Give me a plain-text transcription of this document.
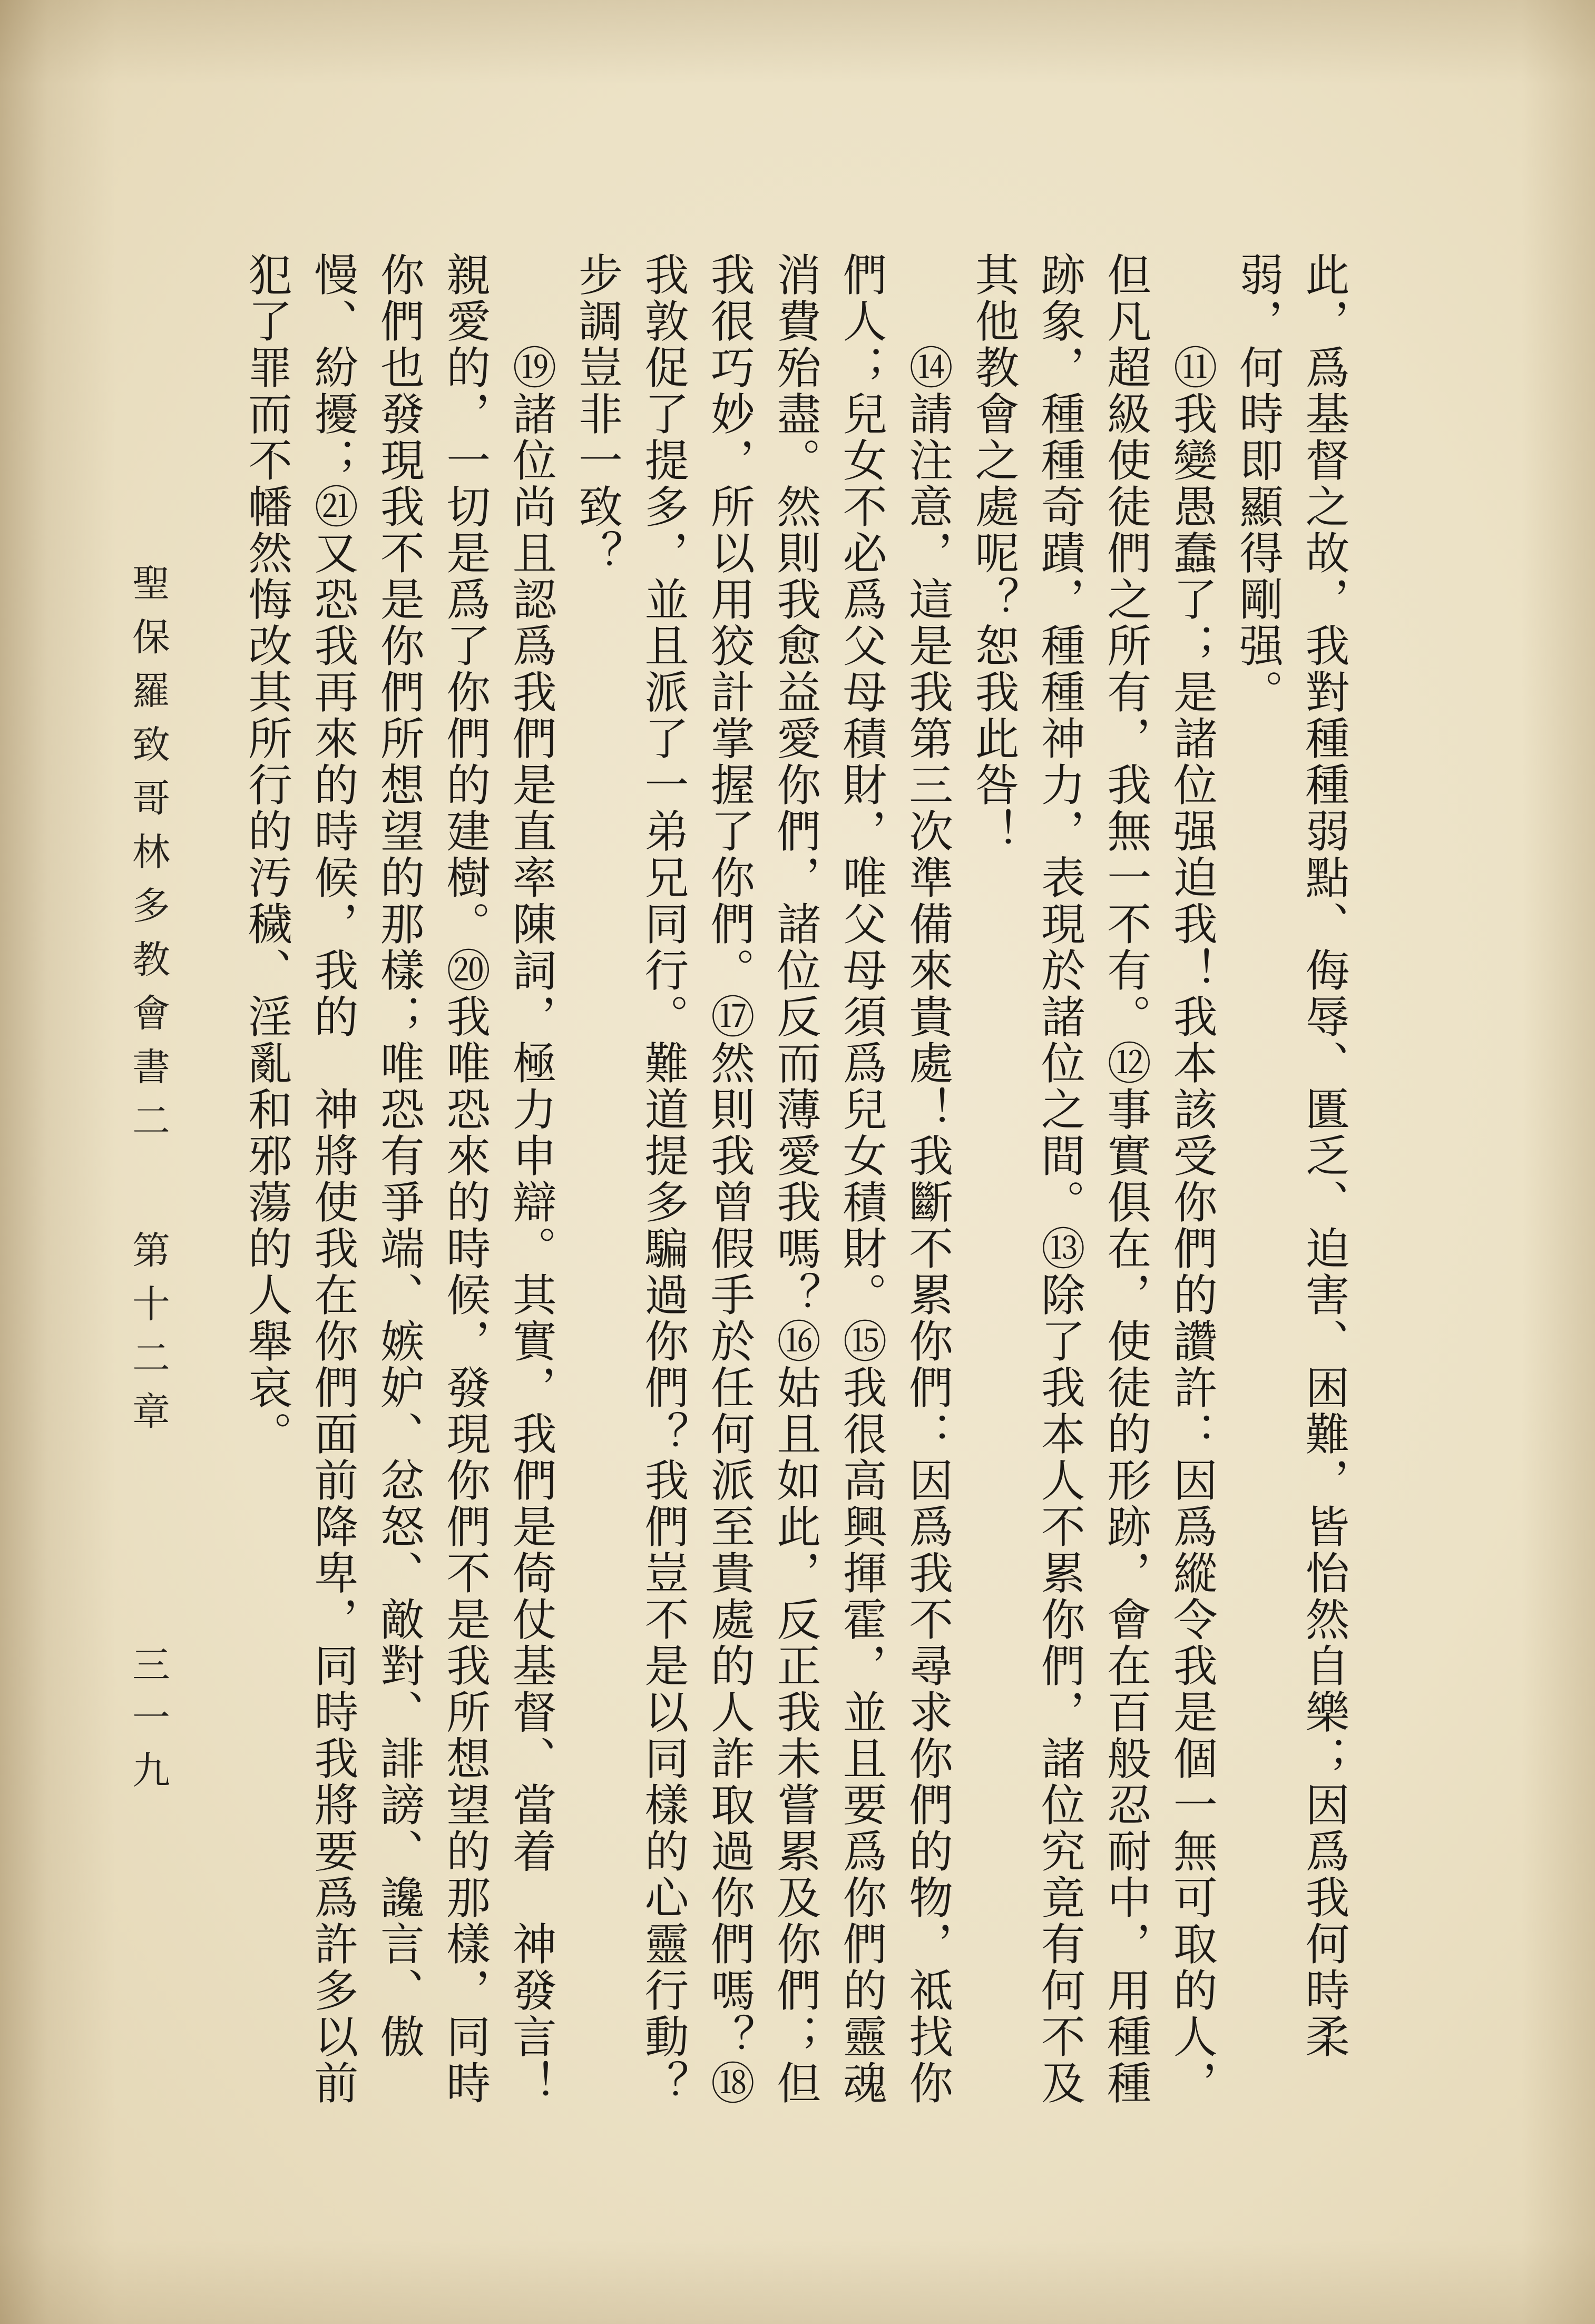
此，爲基督之故，我對種種弱點、侮辱、匱乏、迫害、困難，皆怡然自樂；因爲我何時柔
弱，何時即顯得剛强。
⑪我變愚蠢了；是諸位强迫我！我本該受你們的讚許：因爲縱令我是個一無可取的人，
但凡超級使徒們之所有，我無一不有。⑫事實俱在，使徒的形跡，會在百般忍耐中，用種種
跡象，種種奇蹟，種種神力，表現於諸位之間。⑬除了我本人不累你們，諸位究竟有何不及
其他教會之處呢？恕我此咎！
⑭請注意，這是我第三次準備來貴處！我斷不累你們：因爲我不尋求你們的物，祗找你
們人；兒女不必爲父母積財，唯父母須爲兒女積財。⑮我很高興揮霍，並且要爲你們的靈魂
消費殆盡。然則我愈益愛你們，諸位反而薄愛我嗎？⑯姑且如此，反正我未嘗累及你們；但
我很巧妙，所以用狡計掌握了你們。⑰然則我曾假手於任何派至貴處的人詐取過你們嗎？⑱
我敦促了提多，並且派了一弟兄同行。難道提多騙過你們？我們豈不是以同樣的心靈行動？
步調豈非一致？
⑲諸位尚且認爲我們是直率陳詞，極力申辯。其實，我們是倚仗基督、當着　神發言！
親愛的，一切是爲了你們的建樹。⑳我唯恐來的時候，發現你們不是我所想望的那樣，同時
你們也發現我不是你們所想望的那樣；唯恐有爭端、嫉妒、忿怒、敵對、誹謗、讒言、傲
慢、紛擾；㉑又恐我再來的時候，我的　神將使我在你們面前降卑，同時我將要爲許多以前
犯了罪而不幡然悔改其所行的汚穢、淫亂和邪蕩的人舉哀。
聖保羅致哥林多教會書二
第十二章
三一九
